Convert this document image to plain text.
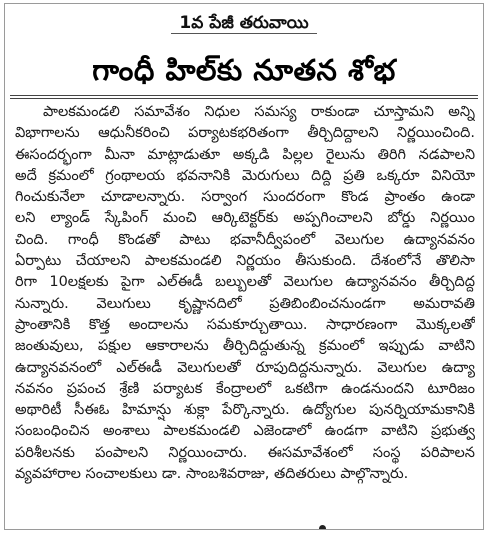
1వ పేజీ తరువాయి
గాంధీ హిల్‌కు నూతన శోభ
పాలకమండలి సమావేశం నిధుల సమస్య రాకుండా చూస్తామని అన్ని
విభాగాలను ఆధునీకరించి పర్యాటకభరితంగా తీర్చిదిద్దాలని నిర్ణయించింది.
ఈసందర్భంగా మీనా మాట్లాడుతూ అక్కడి పిల్లల రైలును తిరిగి నడపాలని
అదే క్రమంలో గ్రంథాలయ భవనానికి మెరుగులు దిద్ది ప్రతి ఒక్కరూ వినియో
గించుకునేలా చూడాలన్నారు. సర్వాంగ సుందరంగా కొండ ప్రాంతం ఉండా
లని ల్యాండ్ స్కేపింగ్ మంచి ఆర్కిటెక్టర్‌కు అప్పగించాలని బోర్డు నిర్ణయిం
చింది. గాంధీ కొండతో పాటు భవానీద్వీపంలో వెలుగుల ఉద్యానవనం
ఏర్పాటు చేయాలని పాలకమండలి నిర్ణయం తీసుకుంది. దేశంలోనే తొలిసా
రిగా 10లక్షలకు పైగా ఎల్ఈడీ బల్బులతో వెలుగుల ఉద్యానవనం తీర్చిదిద్ద
నున్నారు. వెలుగులు కృష్ణానదిలో ప్రతిబింబించనుండగా అమరావతి
ప్రాంతానికి కొత్త అందాలను సమకూర్చుతాయి. సాధారణంగా మొక్కలతో
జంతువులు, పక్షుల ఆకారాలను తీర్చిదిద్దుతున్న క్రమంలో ఇప్పుడు వాటిని
ఉద్యానవనంలో ఎల్ఈడీ వెలుగులతో రూపుదిద్దనున్నారు. వెలుగుల ఉద్యా
నవనం ప్రపంచ శ్రేణి పర్యాటక కేంద్రాలలో ఒకటిగా ఉండనుందని టూరిజం
అథారిటీ సీఈఓ హిమాన్షు శుక్లా పేర్కొన్నారు. ఉద్యోగుల పునర్నియామకానికి
సంబంధించిన అంశాలు పాలకమండలి ఎజెండాలో ఉండగా వాటిని ప్రభుత్వ
పరిశీలనకు పంపాలని నిర్ణయించారు. ఈసమావేశంలో సంస్థ పరిపాలన
వ్యవహారాల సంచాలకులు డా. సాంబశివరాజు, తదితరులు పాల్గొన్నారు.
